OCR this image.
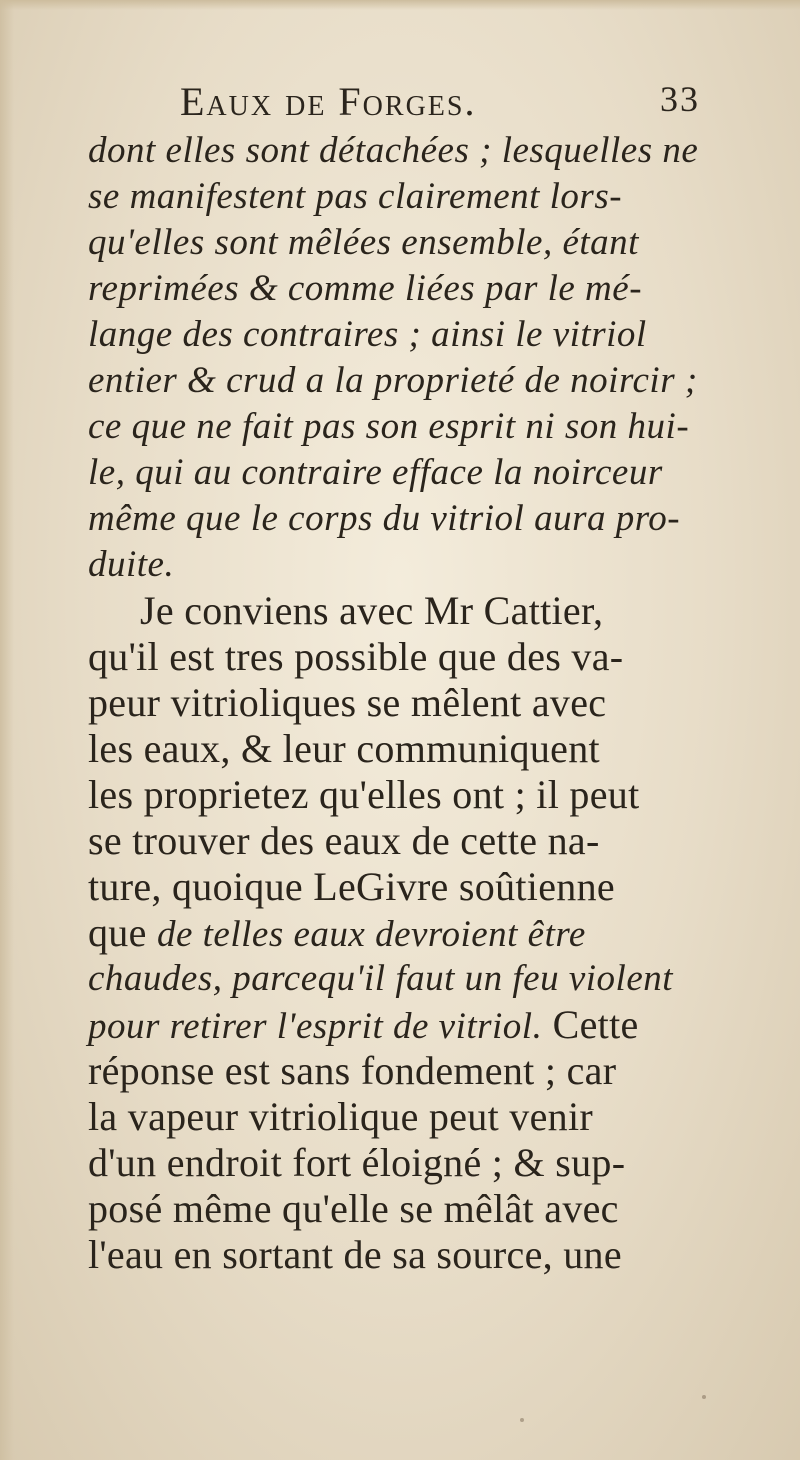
Eaux de Forges.	33
dont elles sont détachées ; lesquelles ne
se manifestent pas clairement lors-
qu'elles sont mêlées ensemble, étant
reprimées & comme liées par le mé-
lange des contraires ; ainsi le vitriol
entier & crud a la proprieté de noircir ;
ce que ne fait pas son esprit ni son hui-
le, qui au contraire efface la noirceur
même que le corps du vitriol aura pro-
duite.
Je conviens avec Mr Cattier,
qu'il est tres possible que des va-
peur vitrioliques se mêlent avec
les eaux, & leur communiquent
les proprietez qu'elles ont ; il peut
se trouver des eaux de cette na-
ture, quoique LeGivre soûtienne
que de telles eaux devroient être
chaudes, parcequ'il faut un feu violent
pour retirer l'esprit de vitriol. Cette
réponse est sans fondement ; car
la vapeur vitriolique peut venir
d'un endroit fort éloigné ; & sup-
posé même qu'elle se mêlât avec
l'eau en sortant de sa source, une
